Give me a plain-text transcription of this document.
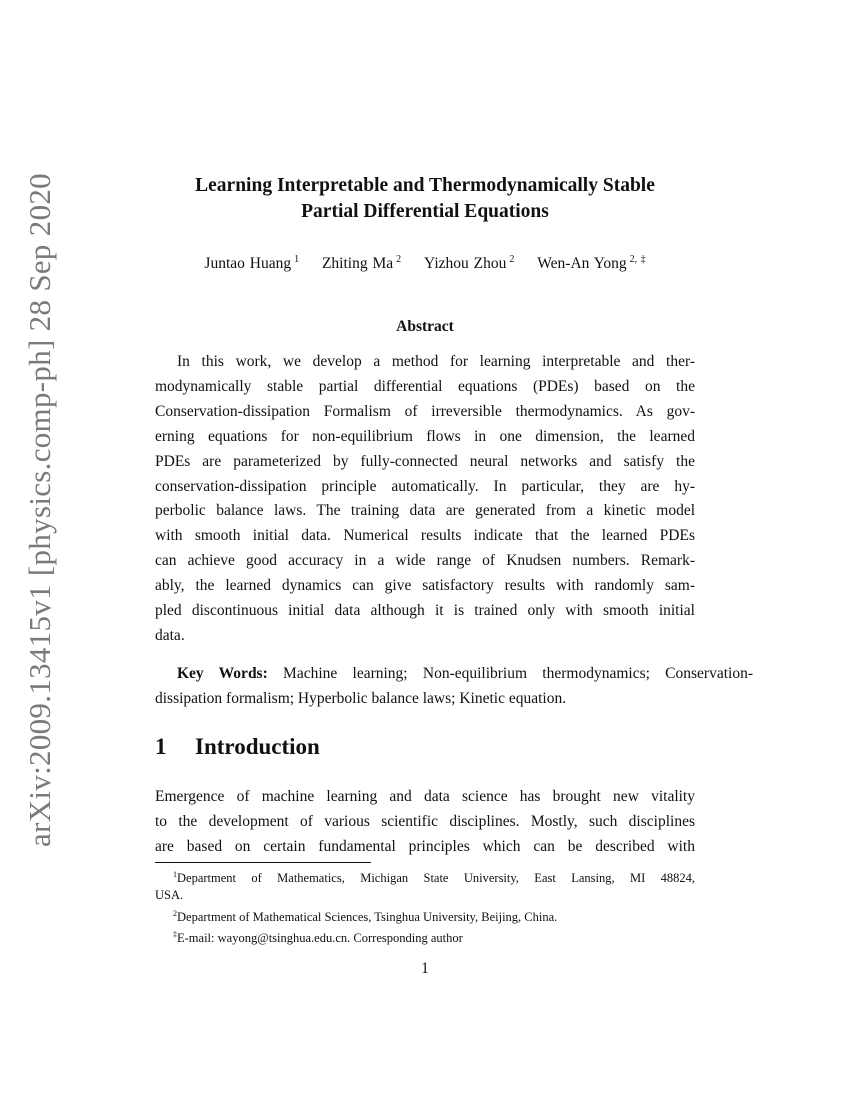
arXiv:2009.13415v1 [physics.comp-ph] 28 Sep 2020	Learning Interpretable and Thermodynamically Stable
Partial Differential Equations
Juntao Huang $^1$ Zhiting Ma $^2$ Yizhou Zhou $^2$ Wen-An Yong $^{2, \ddagger}$
Abstract
In this work, we develop a method for learning interpretable and ther-
modynamically stable partial differential equations (PDEs) based on the
Conservation-dissipation Formalism of irreversible thermodynamics. As gov-
erning equations for non-equilibrium flows in one dimension, the learned
PDEs are parameterized by fully-connected neural networks and satisfy the
conservation-dissipation principle automatically. In particular, they are hy-
perbolic balance laws. The training data are generated from a kinetic model
with smooth initial data. Numerical results indicate that the learned PDEs
can achieve good accuracy in a wide range of Knudsen numbers. Remark-
ably, the learned dynamics can give satisfactory results with randomly sam-
pled discontinuous initial data although it is trained only with smooth initial
data.
Key Words: Machine learning; Non-equilibrium thermodynamics; Conservation-
dissipation formalism; Hyperbolic balance laws; Kinetic equation.
1 Introduction
Emergence of machine learning and data science has brought new vitality
to the development of various scientific disciplines. Mostly, such disciplines
are based on certain fundamental principles which can be described with
$^1$Department of Mathematics, Michigan State University, East Lansing, MI 48824,
USA.
$^2$Department of Mathematical Sciences, Tsinghua University, Beijing, China.
‡E-mail: wayong@tsinghua.edu.cn. Corresponding author
1
